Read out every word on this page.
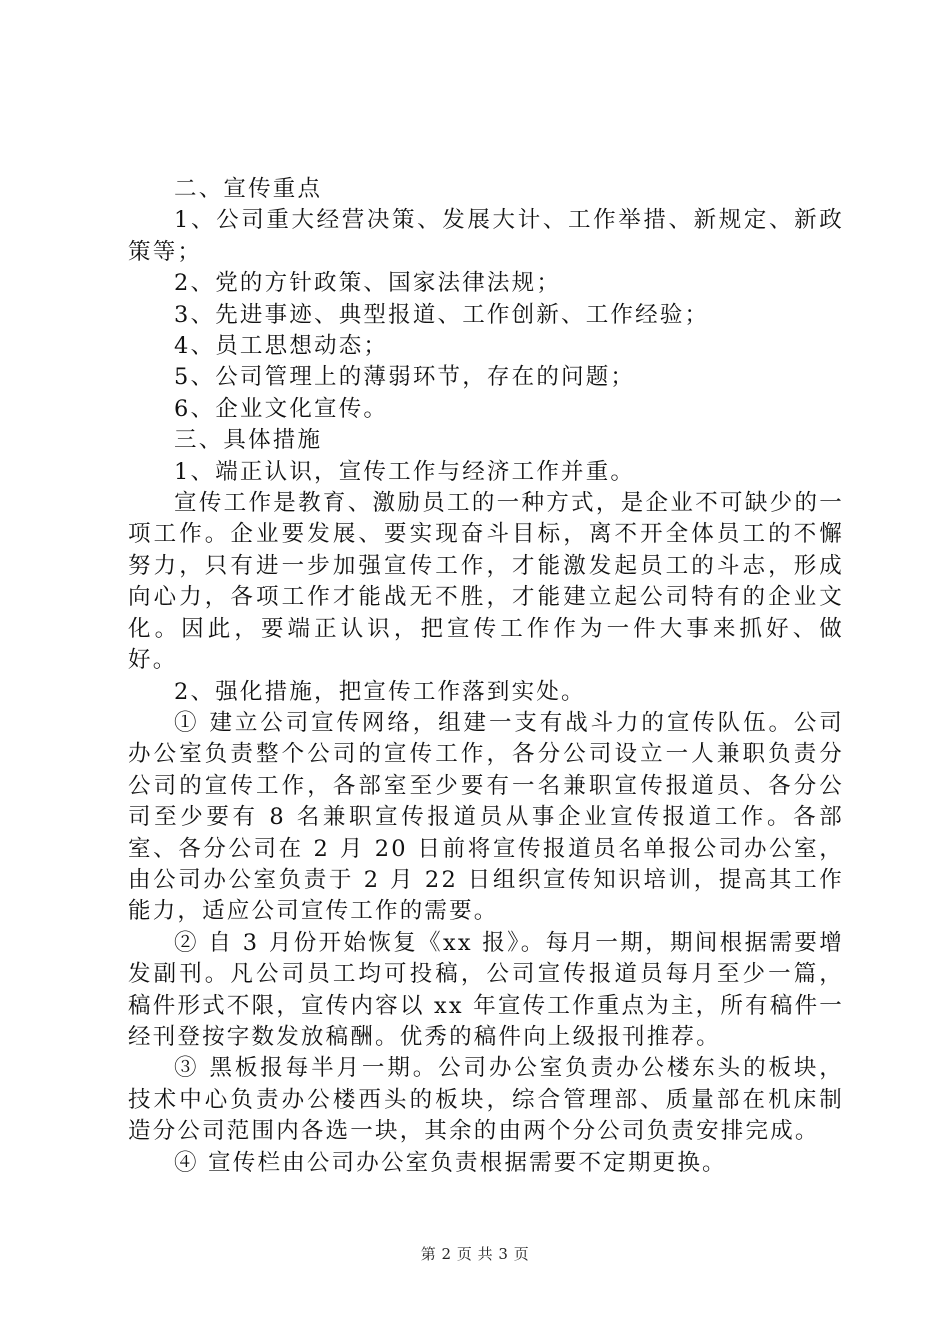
二、宣传重点

1、公司重大经营决策、发展大计、工作举措、新规定、新政策等；

2、党的方针政策、国家法律法规；

3、先进事迹、典型报道、工作创新、工作经验；

4、员工思想动态；

5、公司管理上的薄弱环节，存在的问题；

6、企业文化宣传。

三、具体措施

1、端正认识，宣传工作与经济工作并重。

宣传工作是教育、激励员工的一种方式，是企业不可缺少的一项工作。企业要发展、要实现奋斗目标，离不开全体员工的不懈努力，只有进一步加强宣传工作，才能激发起员工的斗志，形成向心力，各项工作才能战无不胜，才能建立起公司特有的企业文化。因此，要端正认识，把宣传工作作为一件大事来抓好、做好。

2、强化措施，把宣传工作落到实处。

① 建立公司宣传网络，组建一支有战斗力的宣传队伍。公司办公室负责整个公司的宣传工作，各分公司设立一人兼职负责分公司的宣传工作，各部室至少要有一名兼职宣传报道员、各分公司至少要有 8 名兼职宣传报道员从事企业宣传报道工作。各部室、各分公司在 2 月 20 日前将宣传报道员名单报公司办公室，由公司办公室负责于 2 月 22 日组织宣传知识培训，提高其工作能力，适应公司宣传工作的需要。

② 自 3 月份开始恢复《xx 报》。每月一期，期间根据需要增发副刊。凡公司员工均可投稿，公司宣传报道员每月至少一篇，稿件形式不限，宣传内容以 xx 年宣传工作重点为主，所有稿件一经刊登按字数发放稿酬。优秀的稿件向上级报刊推荐。

③ 黑板报每半月一期。公司办公室负责办公楼东头的板块，技术中心负责办公楼西头的板块，综合管理部、质量部在机床制造分公司范围内各选一块，其余的由两个分公司负责安排完成。

④ 宣传栏由公司办公室负责根据需要不定期更换。

第 2 页 共 3 页
